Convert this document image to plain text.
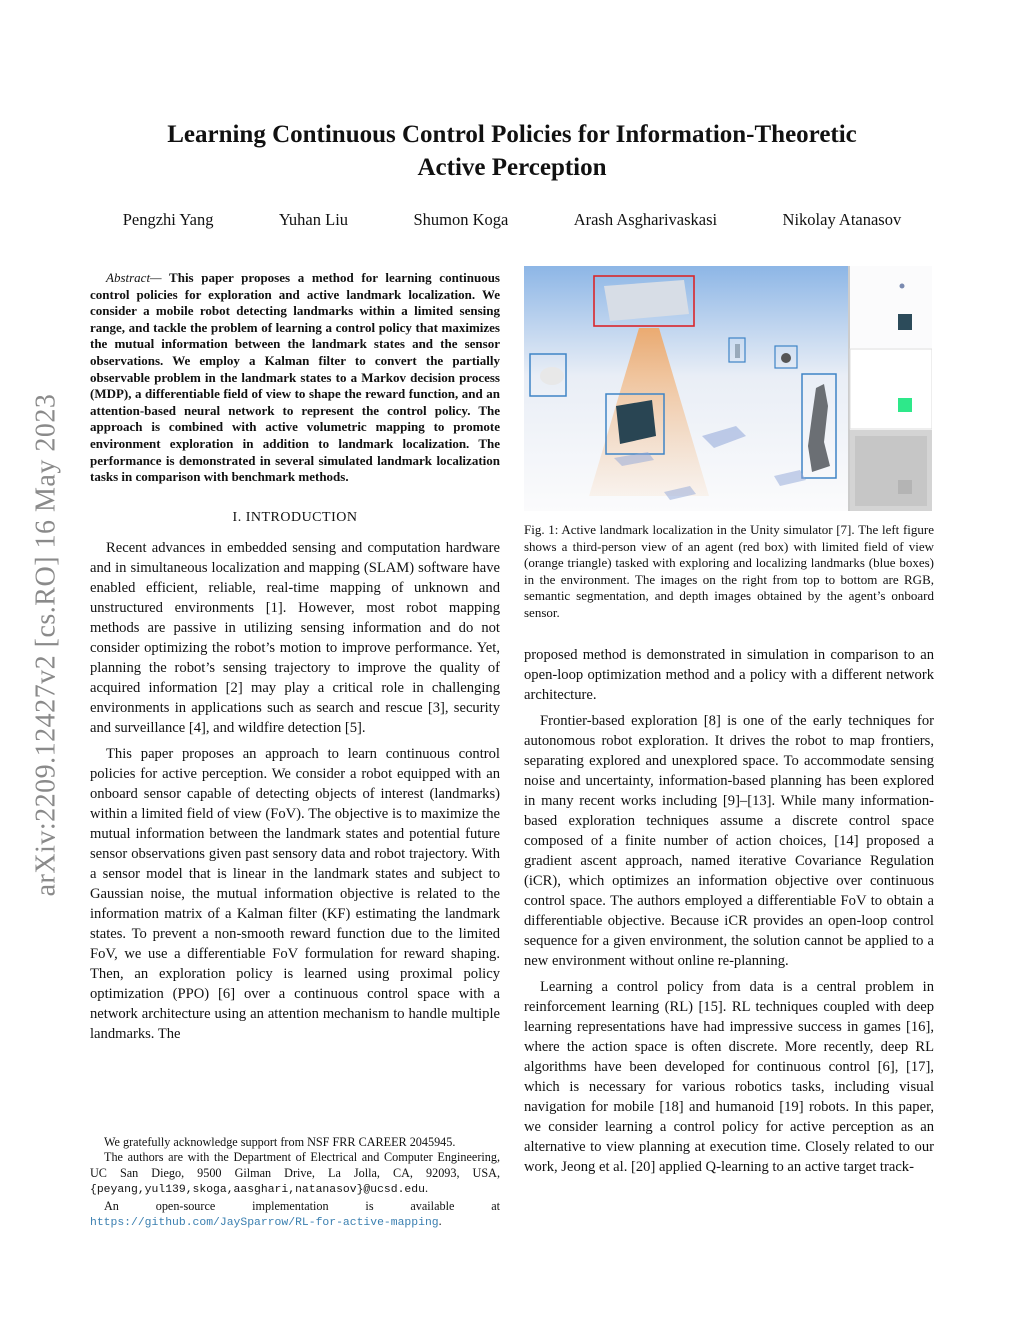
arXiv:2209.12427v2 [cs.RO] 16 May 2023
Learning Continuous Control Policies for Information-Theoretic
Active Perception
Pengzhi Yang	Yuhan Liu	Shumon Koga	Arash Asgharivaskasi	Nikolay Atanasov

Abstract— This paper proposes a method for learning continuous control policies for exploration and active landmark localization. We consider a mobile robot detecting landmarks within a limited sensing range, and tackle the problem of learning a control policy that maximizes the mutual information between the landmark states and the sensor observations. We employ a Kalman filter to convert the partially observable problem in the landmark states to a Markov decision process (MDP), a differentiable field of view to shape the reward function, and an attention-based neural network to represent the control policy. The approach is combined with active volumetric mapping to promote environment exploration in addition to landmark localization. The performance is demonstrated in several simulated landmark localization tasks in comparison with benchmark methods.

I. INTRODUCTION

Recent advances in embedded sensing and computation hardware and in simultaneous localization and mapping (SLAM) software have enabled efficient, reliable, real-time mapping of unknown and unstructured environments [1]. However, most robot mapping methods are passive in utilizing sensing information and do not consider optimizing the robot’s motion to improve performance. Yet, planning the robot’s sensing trajectory to improve the quality of acquired information [2] may play a critical role in challenging environments in applications such as search and rescue [3], security and surveillance [4], and wildfire detection [5].

This paper proposes an approach to learn continuous control policies for active perception. We consider a robot equipped with an onboard sensor capable of detecting objects of interest (landmarks) within a limited field of view (FoV). The objective is to maximize the mutual information between the landmark states and potential future sensor observations given past sensory data and robot trajectory. With a sensor model that is linear in the landmark states and subject to Gaussian noise, the mutual information objective is related to the information matrix of a Kalman filter (KF) estimating the landmark states. To prevent a non-smooth reward function due to the limited FoV, we use a differentiable FoV formulation for reward shaping. Then, an exploration policy is learned using proximal policy optimization (PPO) [6] over a continuous control space with a network architecture using an attention mechanism to handle multiple landmarks. The

We gratefully acknowledge support from NSF FRR CAREER 2045945.

The authors are with the Department of Electrical and Computer Engineering, UC San Diego, 9500 Gilman Drive, La Jolla, CA, 92093, USA, {peyang,yul139,skoga,aasghari,natanasov}@ucsd.edu.

An open-source implementation is available at https://github.com/JaySparrow/RL-for-active-mapping.

Fig. 1: Active landmark localization in the Unity simulator [7]. The left figure shows a third-person view of an agent (red box) with limited field of view (orange triangle) tasked with exploring and localizing landmarks (blue boxes) in the environment. The images on the right from top to bottom are RGB, semantic segmentation, and depth images obtained by the agent’s onboard sensor.

proposed method is demonstrated in simulation in comparison to an open-loop optimization method and a policy with a different network architecture.

Frontier-based exploration [8] is one of the early techniques for autonomous robot exploration. It drives the robot to map frontiers, separating explored and unexplored space. To accommodate sensing noise and uncertainty, information-based planning has been explored in many recent works including [9]–[13]. While many information-based exploration techniques assume a discrete control space composed of a finite number of action choices, [14] proposed a gradient ascent approach, named iterative Covariance Regulation (iCR), which optimizes an information objective over continuous control space. The authors employed a differentiable FoV to obtain a differentiable objective. Because iCR provides an open-loop control sequence for a given environment, the solution cannot be applied to a new environment without online re-planning.

Learning a control policy from data is a central problem in reinforcement learning (RL) [15]. RL techniques coupled with deep learning representations have had impressive success in games [16], where the action space is often discrete. More recently, deep RL algorithms have been developed for continuous control [6], [17], which is necessary for various robotics tasks, including visual navigation for mobile [18] and humanoid [19] robots. In this paper, we consider learning a control policy for active perception as an alternative to view planning at execution time. Closely related to our work, Jeong et al. [20] applied Q-learning to an active target track-
